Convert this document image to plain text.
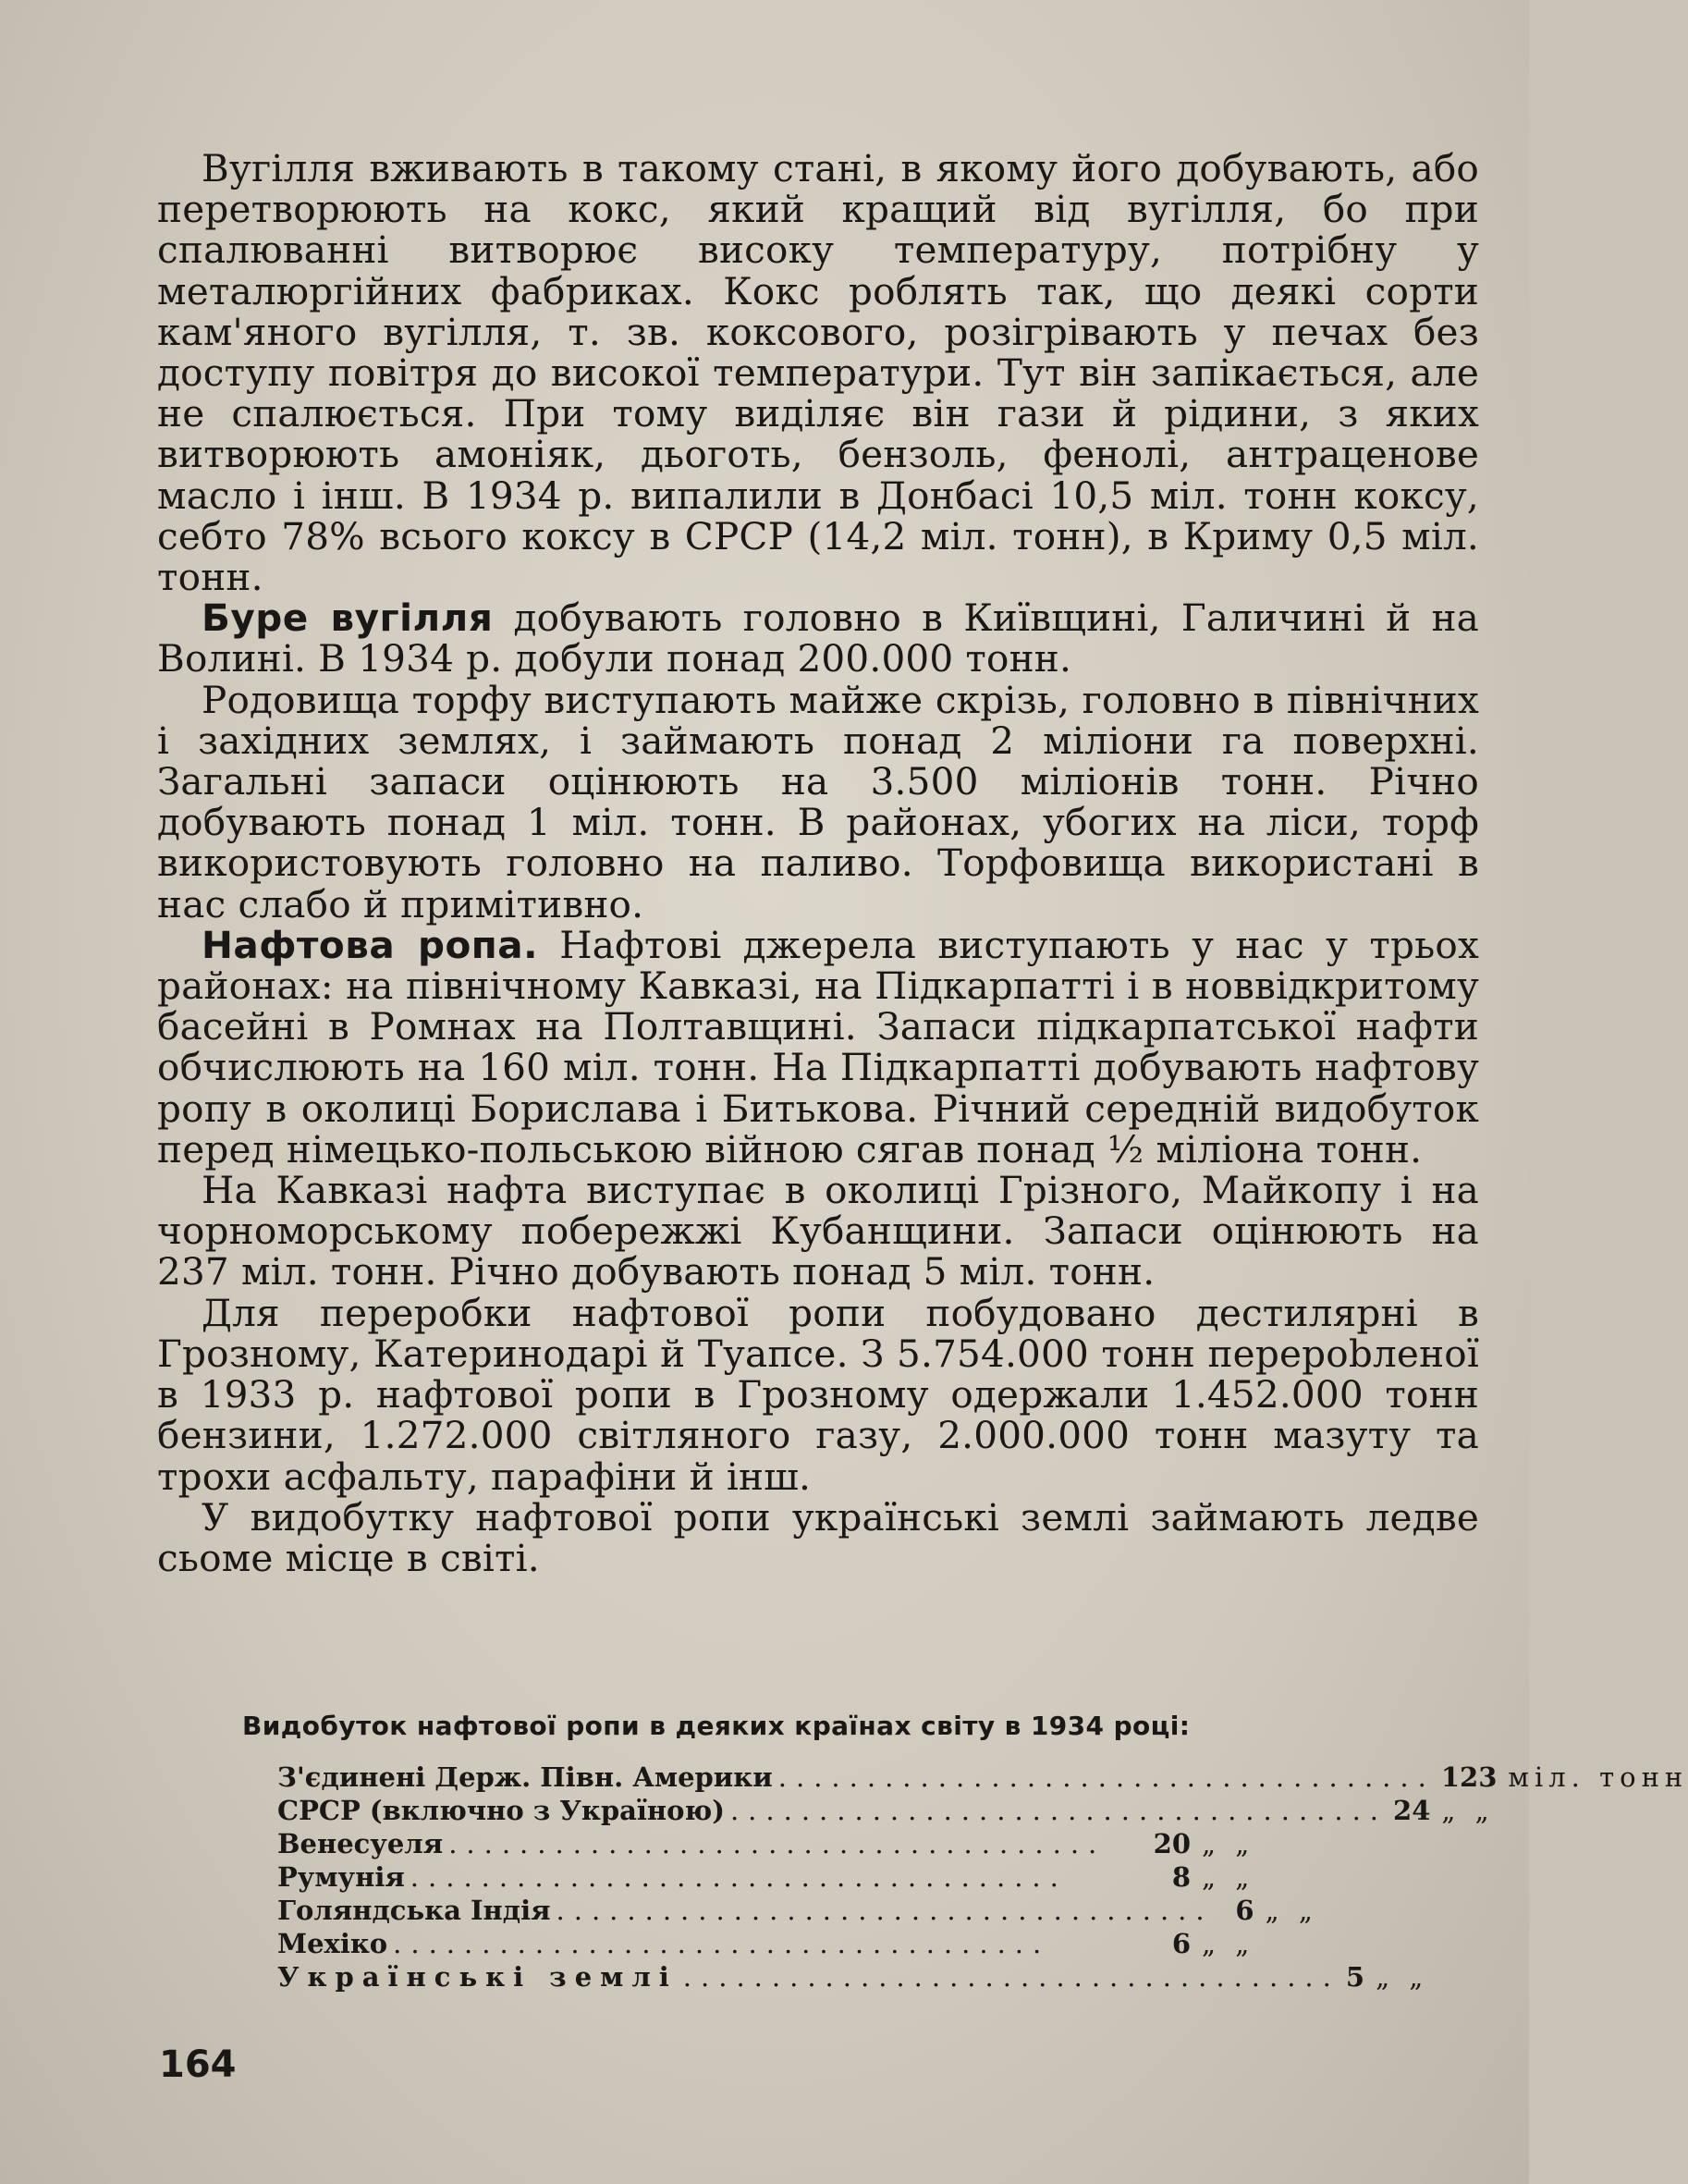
Вугілля вживають в такому стані, в якому його добувають, або перетворюють на кокс, який кращий від вугілля, бо при спалюванні витворює високу температуру, потрібну у металюргійних фабриках. Кокс роблять так, що деякі сорти кам'яного вугілля, т. зв. коксового, розігрівають у печах без доступу повітря до високої температури. Тут він запікається, але не спалюється. При тому виділяє він гази й рідини, з яких витворюють амоніяк, дьоготь, бензоль, фенолі, антраценове масло і інш. В 1934 р. випалили в Донбасі 10,5 міл. тонн коксу, себто 78% всього коксу в СРСР (14,2 міл. тонн), в Криму 0,5 міл. тонн.

Буре вугілля добувають головно в Київщині, Галичині й на Волині. В 1934 р. добули понад 200.000 тонн.

Родовища торфу виступають майже скрізь, головно в північних і західних землях, і займають понад 2 міліони га поверхні. Загальні запаси оцінюють на 3.500 міліонів тонн. Річно добувають понад 1 міл. тонн. В районах, убогих на ліси, торф використовують головно на паливо. Торфовища використані в нас слабо й примітивно.

Нафтова ропа. Нафтові джерела виступають у нас у трьох районах: на північному Кавказі, на Підкарпатті і в новвідкритому басейні в Ромнах на Полтавщині. Запаси підкарпатської нафти обчислюють на 160 міл. тонн. На Підкарпатті добувають нафтову ропу в околиці Борислава і Битькова. Річний середній видобуток перед німецько-польською війною сягав понад ½ міліона тонн.

На Кавказі нафта виступає в околиці Грізного, Майкопу і на чорноморському побережжі Кубанщини. Запаси оцінюють на 237 міл. тонн. Річно добувають понад 5 міл. тонн.

Для переробки нафтової ропи побудовано дестилярні в Грозному, Катеринодарі й Туапсе. З 5.754.000 тонн перерobленої в 1933 р. нафтової ропи в Грозному одержали 1.452.000 тонн бензини, 1.272.000 світляного газу, 2.000.000 тонн мазуту та трохи асфальту, парафіни й інш.

У видобутку нафтової ропи українські землі займають ледве сьоме місце в світі.

Видобуток нафтової ропи в деяких країнах світу в 1934 році:
З'єдинені Держ. Півн. Америки ..................................... 123 міл. тонн
СРСР (включно з Україною) ..................................... 24 „ „
Венесуеля .....................................	20 „ „
Румунія .....................................	8 „ „
Голяндська Індія ..................................... 6 „ „
Мехіко .....................................	6 „ „
Українські землі ..................................... 5 „ „
164
